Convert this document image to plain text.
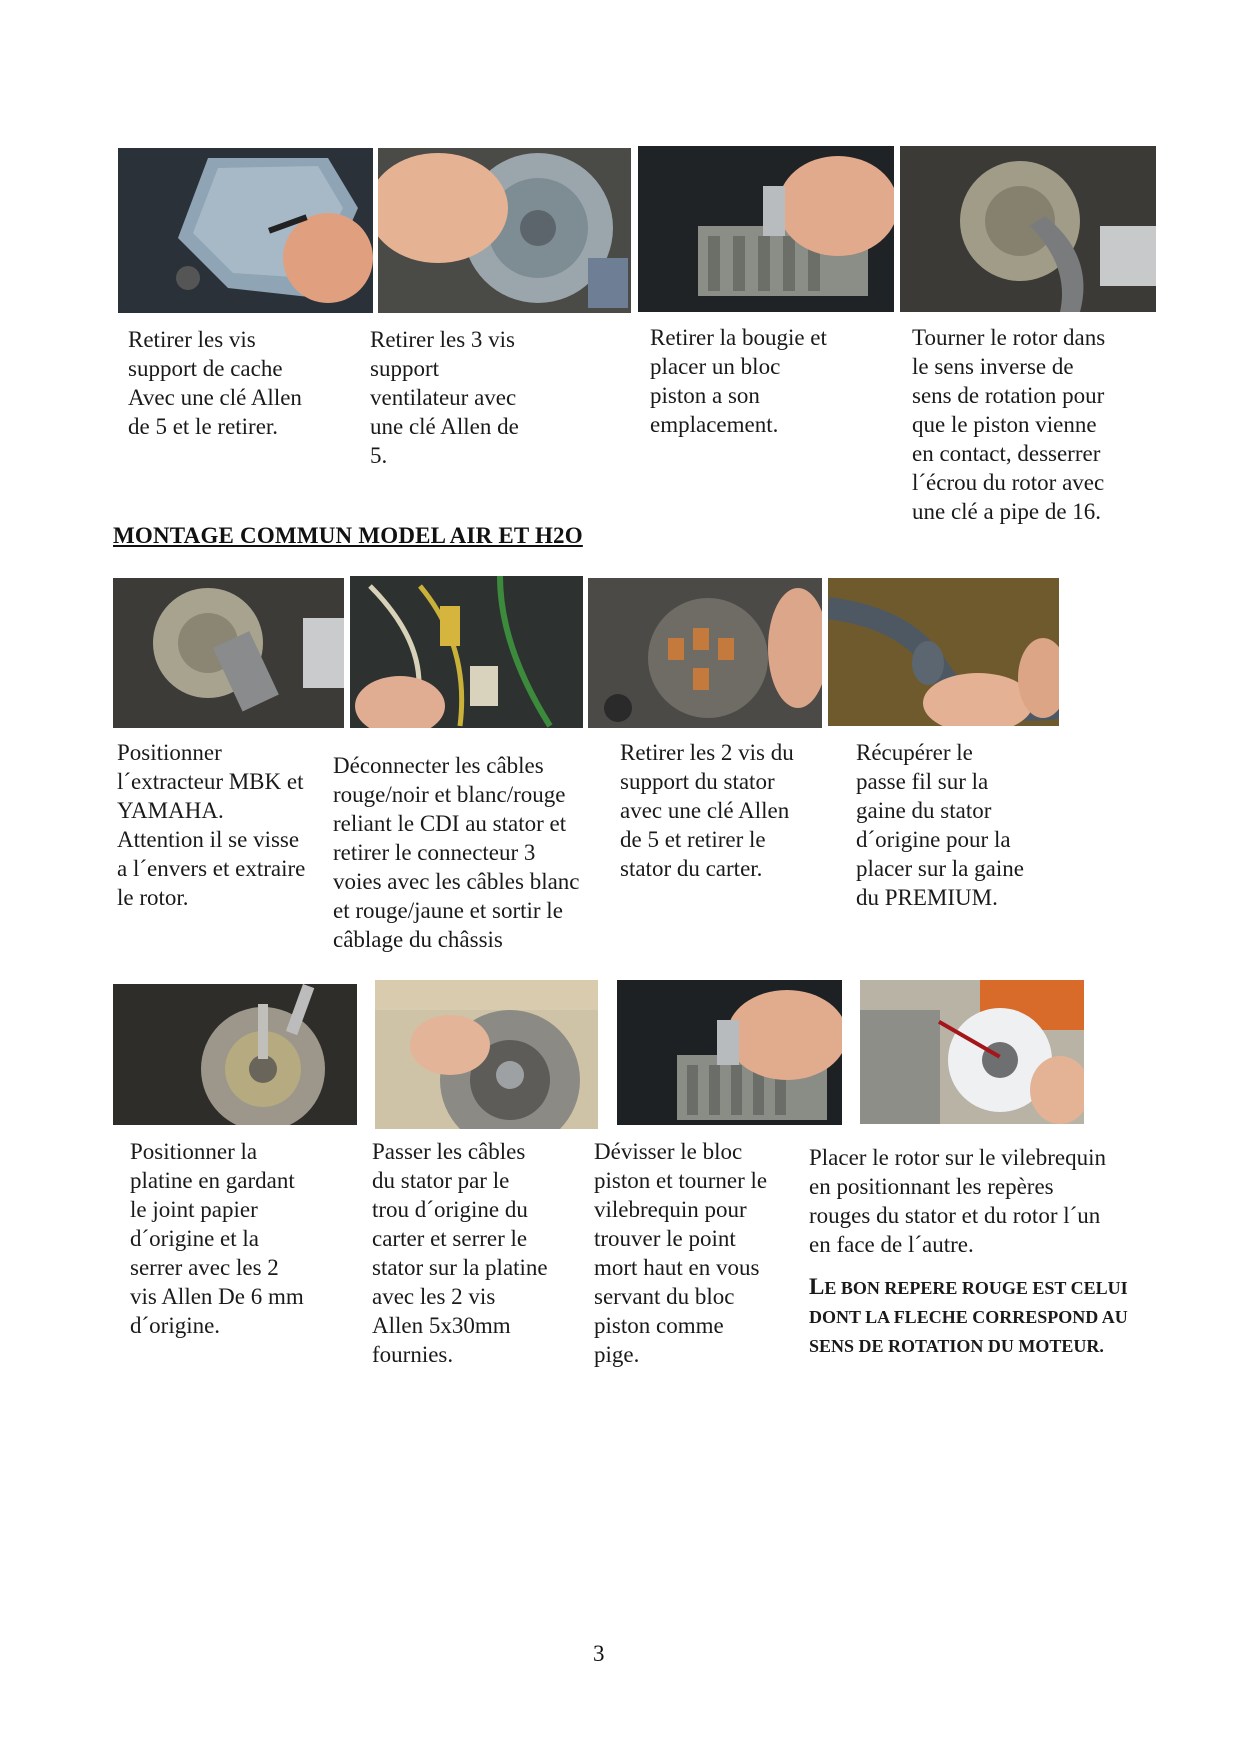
Retirer les vis
support de cache
Avec une clé Allen
de 5 et le retirer.
Retirer les 3 vis
support
ventilateur avec
une clé Allen de
5.
Retirer la bougie et
placer un bloc
piston a son
emplacement.
Tourner le rotor dans
le sens inverse de
sens de rotation pour
que le piston vienne
en contact, desserrer
l´écrou du rotor avec
une clé a pipe de 16.
MONTAGE COMMUN MODEL AIR ET H2O
Positionner
l´extracteur MBK et
YAMAHA.
Attention il se visse
a l´envers et extraire
le rotor.
Déconnecter les câbles
rouge/noir et blanc/rouge
reliant le CDI au stator et
retirer le connecteur 3
voies avec les câbles blanc
et rouge/jaune et sortir le
câblage du châssis
Retirer les 2 vis du
support du stator
avec une clé Allen
de 5 et retirer le
stator du carter.
Récupérer le
passe fil sur la
gaine du stator
d´origine pour la
placer sur la gaine
du PREMIUM.
Positionner la
platine en gardant
le joint papier
d´origine et la
serrer avec les 2
vis Allen De 6 mm
d´origine.
Passer les câbles
du stator par le
trou d´origine du
carter et serrer le
stator sur la platine
avec les 2 vis
Allen 5x30mm
fournies.
Dévisser le bloc
piston et tourner le
vilebrequin pour
trouver le point
mort haut en vous
servant du bloc
piston comme
pige.
Placer le rotor sur le vilebrequin
en positionnant les repères
rouges du stator et du rotor l´un
en face de l´autre.
LE BON REPERE ROUGE EST CELUI DONT LA FLECHE CORRESPOND AU SENS DE ROTATION DU MOTEUR.
3
